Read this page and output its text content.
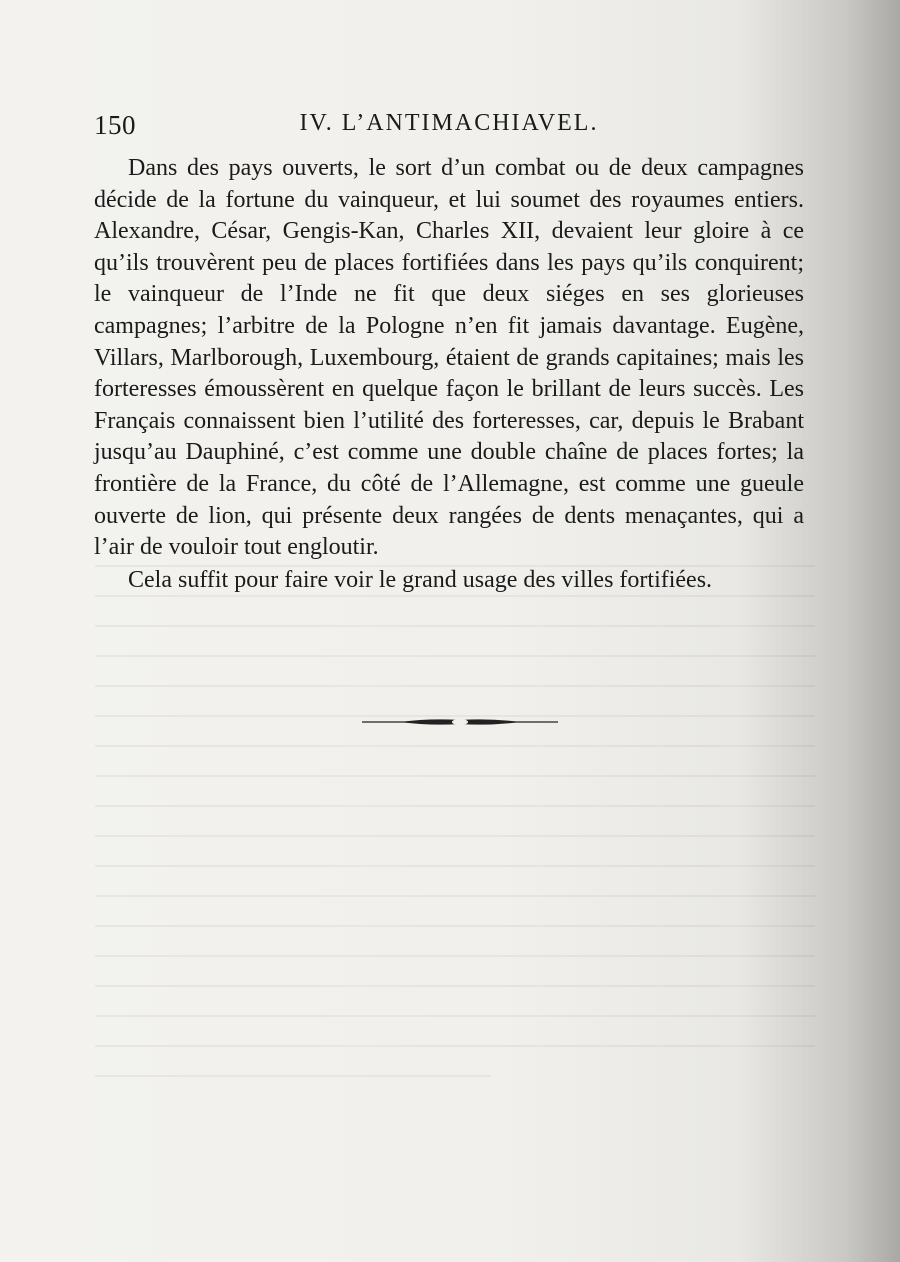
150	IV. L’ANTIMACHIAVEL.

Dans des pays ouverts, le sort d’un combat ou de deux campagnes décide de la fortune du vainqueur, et lui soumet des royaumes entiers. Alexandre, César, Gengis-Kan, Charles XII, devaient leur gloire à ce qu’ils trouvèrent peu de places fortifiées dans les pays qu’ils conquirent; le vainqueur de l’Inde ne fit que deux siéges en ses glorieuses campagnes; l’arbitre de la Pologne n’en fit jamais davantage. Eugène, Villars, Marlborough, Luxembourg, étaient de grands capitaines; mais les forteresses émoussèrent en quelque façon le brillant de leurs succès. Les Français connaissent bien l’utilité des forteresses, car, depuis le Brabant jusqu’au Dauphiné, c’est comme une double chaîne de places fortes; la frontière de la France, du côté de l’Allemagne, est comme une gueule ouverte de lion, qui présente deux rangées de dents menaçantes, qui a l’air de vouloir tout engloutir.

Cela suffit pour faire voir le grand usage des villes fortifiées.
